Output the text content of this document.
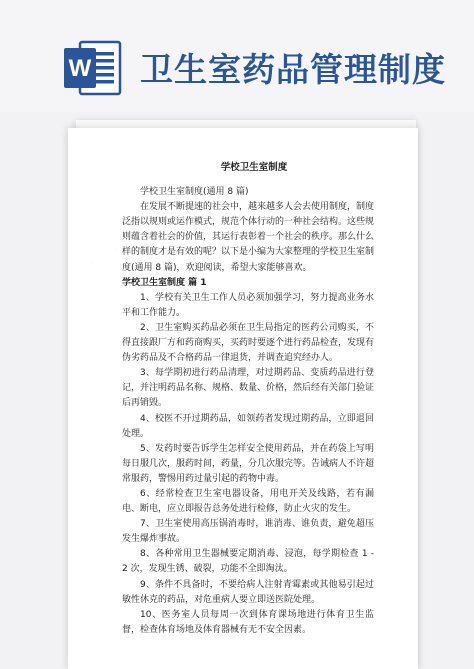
W 卫生室药品管理制度
· · · · · ·
学校卫生室制度

学校卫生室制度(通用 8 篇)

在发展不断提速的社会中，越来越多人会去使用制度，制度泛指以规则或运作模式，规范个体行动的一种社会结构。这些规则蕴含着社会的价值，其运行表彰着一个社会的秩序。那么什么样的制度才是有效的呢？以下是小编为大家整理的学校卫生室制度(通用 8 篇)，欢迎阅读，希望大家能够喜欢。

学校卫生室制度 篇 1

1、学校有关卫生工作人员必须加强学习，努力提高业务水平和工作能力。

2、卫生室购买药品必须在卫生局指定的医药公司购买，不得直接跟厂方和药商购买，买药时要逐个进行药品检查，发现有伪劣药品及不合格药品一律退货，并调查追究经办人。

3、每学期初进行药品清理，对过期药品、变质药品进行登记，并注明药品名称、规格、数量、价格，然后经有关部门验证后再销毁。

4、校医不开过期药品，如领药者发现过期药品，立即退回处理。

5、发药时要告诉学生怎样安全使用药品，并在药袋上写明每日服几次，服药时间，药量，分几次服完等。告诫病人不许超常服药，警惕用药过量引起的药物中毒。

6、经常检查卫生室电器设备，用电开关及线路，若有漏电、断电，应立即报告总务处进行检修，防止火灾的发生。

7、卫生室使用高压锅消毒时，谁消毒、谁负责，避免超压发生爆炸事故。

8、各种常用卫生器械要定期消毒、浸泡，每学期检查 1 - 2 次，发现生锈、破裂，功能不全即淘汰。

9、条件不具备时，不要给病人注射青霉素或其他易引起过敏性休克的药品，对危重病人要立即送医院处理。

10、医务室人员每周一次到体育课场地进行体育卫生监督，检查体育场地及体育器械有无不安全因素。
